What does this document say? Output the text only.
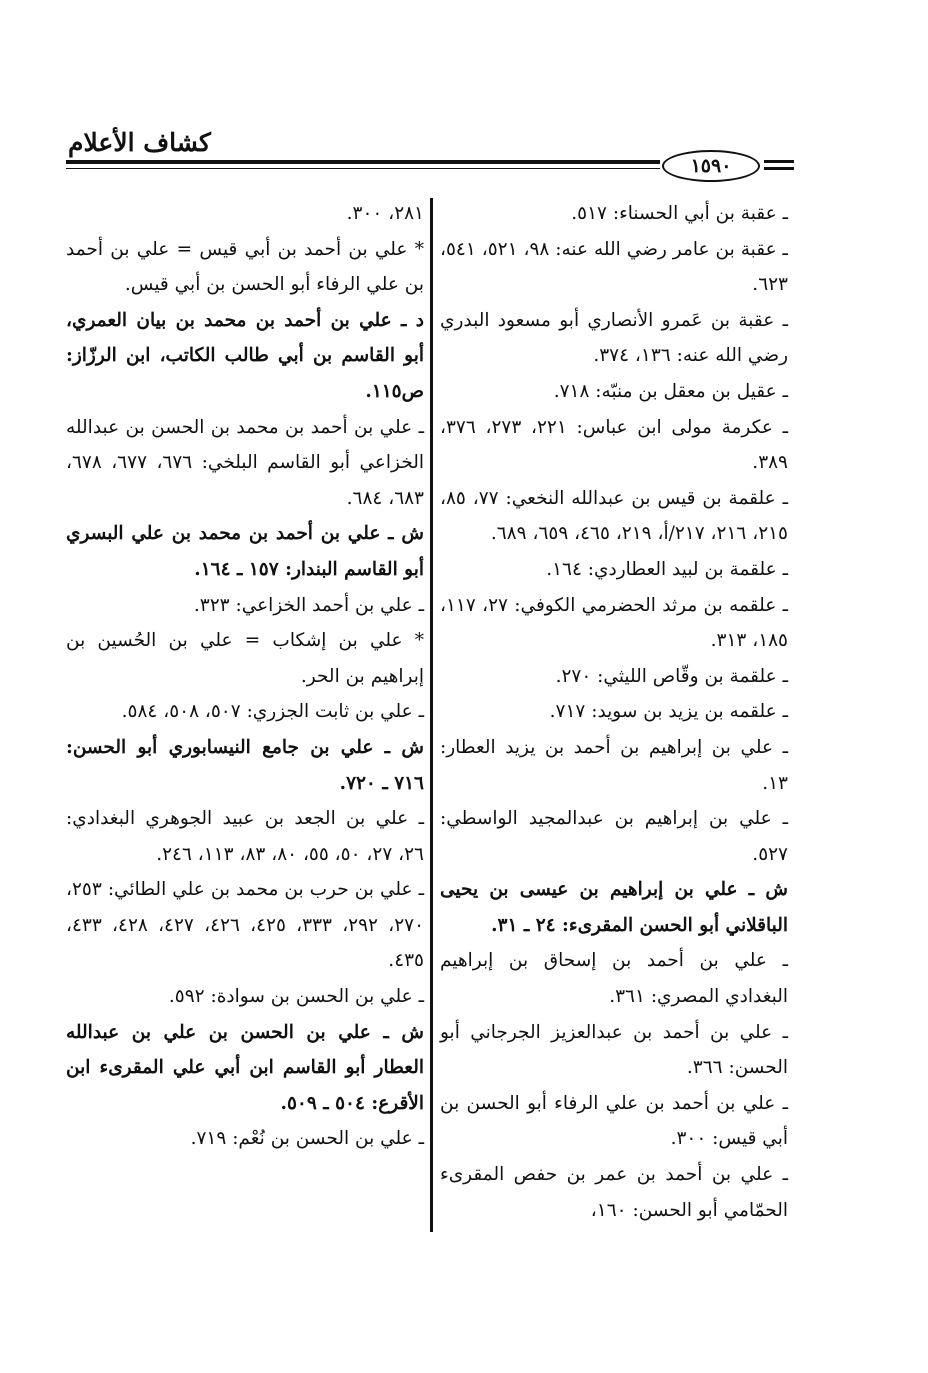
كشاف الأعلام
١٥٩٠

ـ عقبة بن أبي الحسناء: ٥١٧.

ـ عقبة بن عامر رضي الله عنه: ٩٨، ٥٢١، ٥٤١، ٦٢٣.

ـ عقبة بن عَمرو الأنصاري أبو مسعود البدري رضي الله عنه: ١٣٦، ٣٧٤.

ـ عقيل بن معقل بن منبّه: ٧١٨.

ـ عكرمة مولى ابن عباس: ٢٢١، ٢٧٣، ٣٧٦، ٣٨٩.

ـ علقمة بن قيس بن عبدالله النخعي: ٧٧، ٨٥، ٢١٥، ٢١٦، ٢١٧/أ، ٢١٩، ٤٦٥، ٦٥٩، ٦٨٩.

ـ علقمة بن لبيد العطاردي: ١٦٤.

ـ علقمه بن مرثد الحضرمي الكوفي: ٢٧، ١١٧، ١٨٥، ٣١٣.

ـ علقمة بن وقّاص الليثي: ٢٧٠.

ـ علقمه بن يزيد بن سويد: ٧١٧.

ـ علي بن إبراهيم بن أحمد بن يزيد العطار: ١٣.

ـ علي بن إبراهيم بن عبدالمجيد الواسطي: ٥٢٧.

ش ـ علي بن إبراهيم بن عيسى بن يحيى الباقلاني أبو الحسن المقرىء: ٢٤ ـ ٣١.

ـ علي بن أحمد بن إسحاق بن إبراهيم البغدادي المصري: ٣٦١.

ـ علي بن أحمد بن عبدالعزيز الجرجاني أبو الحسن: ٣٦٦.

ـ علي بن أحمد بن علي الرفاء أبو الحسن بن أبي قيس: ٣٠٠.

ـ علي بن أحمد بن عمر بن حفص المقرىء الحمّامي أبو الحسن: ١٦٠،

٢٨١، ٣٠٠.

* علي بن أحمد بن أبي قيس = علي بن أحمد بن علي الرفاء أبو الحسن بن أبي قيس.

د ـ علي بن أحمد بن محمد بن بيان العمري، أبو القاسم بن أبي طالب الكاتب، ابن الرزّاز: ص١١٥.

ـ علي بن أحمد بن محمد بن الحسن بن عبدالله الخزاعي أبو القاسم البلخي: ٦٧٦، ٦٧٧، ٦٧٨، ٦٨٣، ٦٨٤.

ش ـ علي بن أحمد بن محمد بن علي البسري أبو القاسم البندار: ١٥٧ ـ ١٦٤.

ـ علي بن أحمد الخزاعي: ٣٢٣.

* علي بن إشكاب = علي بن الحُسين بن إبراهيم بن الحر.

ـ علي بن ثابت الجزري: ٥٠٧، ٥٠٨، ٥٨٤.

ش ـ علي بن جامع النيسابوري أبو الحسن: ٧١٦ ـ ٧٢٠.

ـ علي بن الجعد بن عبيد الجوهري البغدادي: ٢٦، ٢٧، ٥٠، ٥٥، ٨٠، ٨٣، ١١٣، ٢٤٦.

ـ علي بن حرب بن محمد بن علي الطائي: ٢٥٣، ٢٧٠، ٢٩٢، ٣٣٣، ٤٢٥، ٤٢٦، ٤٢٧، ٤٢٨، ٤٣٣، ٤٣٥.

ـ علي بن الحسن بن سوادة: ٥٩٢.

ش ـ علي بن الحسن بن علي بن عبدالله العطار أبو القاسم ابن أبي علي المقرىء ابن الأقرع: ٥٠٤ ـ ٥٠٩.

ـ علي بن الحسن بن نُعْم: ٧١٩.
